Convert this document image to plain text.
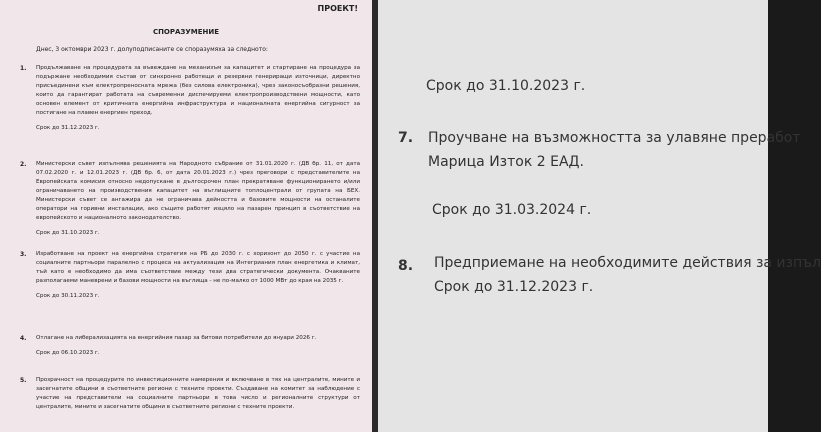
ПРОЕКТ!
СПОРАЗУМЕНИЕ
Днес, 3 октомври 2023 г. долуподписаните се споразумяха за следното:
1. Продължаване на процедурата за въвеждане на механизъм за капацитет и стартиране на процедура за подържане необходимия състав от синхронно работещи и резервни генериращи източници, директно присъединени към електропреносната мрежа (без силова електроника), чрез законосъобразни решения, които да гарантират работата на съвременни диспечируеми електропроизводствени мощности, като основен елемент от критичната енергийна инфраструктура и националната енергийна сигурност за постигане на плавен енергиен преход.
Срок до 31.12.2023 г.
2. Министерски съвет изпълнява решенията на Народното събрание от 31.01.2020 г. (ДВ бр. 11, от дата 07.02.2020 г. и 12.01.2023 г. (ДВ бр. 6, от дата 20.01.2023 г.) чрез преговори с представителите на Европейската комисия относно недопускане в дългосрочен план прекратяване функционирането и/или ограничаването на производствения капацитет на въглищните топлоцентрали от групата на БЕХ. Министерски съвет се ангажира да не ограничава дейността и базовите мощности на останалите оператори на горивни инсталации, ако същите работят изцяло на пазарен принцип в съответствие на европейското и националното законодателство.
Срок до 31.10.2023 г.
3. Изработване на проект на енергийна стратегия на РБ до 2030 г. с хоризонт до 2050 г. с участие на социалните партньори паралелно с процеса на актуализация на Интегриания план енергетика и климат, тъй като е необходимо да има съответствие между тези два стратегически документа. Очакваните разполагаеми маневрени и базови мощности на въглища - не по-малко от 1000 МВт до края на 2035 г.
Срок до 30.11.2023 г.
4. Отлагане на либерализацията на енергийния пазар за битови потребители до януари 2026 г.
Срок до 06.10.2023 г.
5. Прозрачност на процедурите по инвестиционните намерения и включване в тях на централите, мините и засегнатите общини в съответните региони с техните проекти. Създаване на комитет за наблюдение с участие на представители на социалните партньори в това число и регионалните структури от централите, мините и засегнатите общини в съответните региони с техните проекти.
Срок до 31.10.2023 г.
7. Проучване на възможността за улавяне преработ
Марица Изток 2 ЕАД.
Срок до 31.03.2024 г.
8. Предприемане на необходимите действия за изпъл
Срок до 31.12.2023 г.
